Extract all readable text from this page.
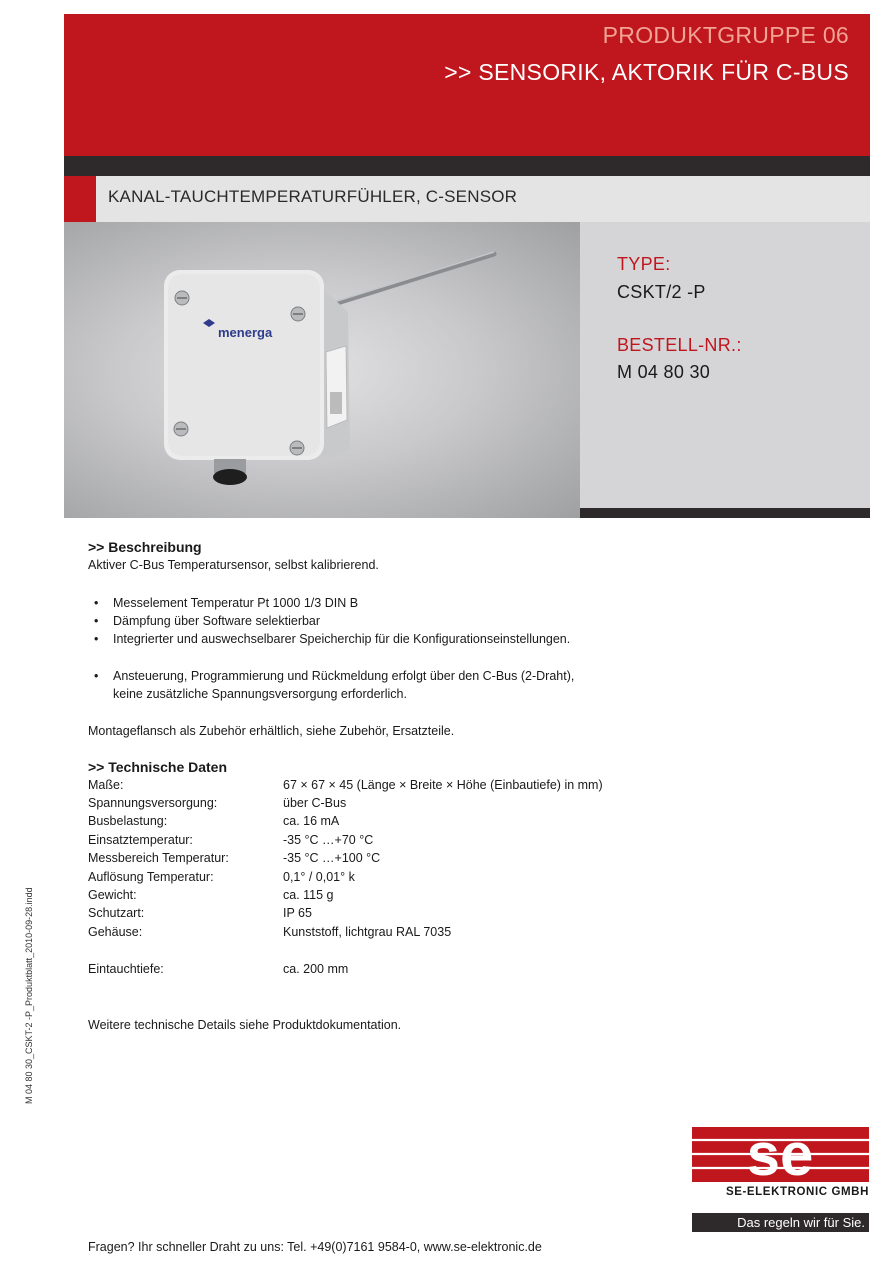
PRODUKTGRUPPE 06
>> SENSORIK, AKTORIK FÜR C-BUS
KANAL-TAUCHTEMPERATURFÜHLER, C-SENSOR
menerga
TYPE:
CSKT/2 -P
BESTELL-NR.:
M 04 80 30
>> Beschreibung
Aktiver C-Bus Temperatursensor, selbst kalibrierend.
• Messelement Temperatur Pt 1000 1/3 DIN B
• Dämpfung über Software selektierbar
• Integrierter und auswechselbarer Speicherchip für die Konfigurationseinstellungen.
• Ansteuerung, Programmierung und Rückmeldung erfolgt über den C-Bus (2-Draht),
keine zusätzliche Spannungsversorgung erforderlich.
Montageflansch als Zubehör erhältlich, siehe Zubehör, Ersatzteile.
>> Technische Daten
Maße:	67 × 67 × 45 (Länge × Breite × Höhe (Einbautiefe) in mm)
Spannungsversorgung:	über C-Bus
Busbelastung:	ca. 16 mA
Einsatztemperatur:	-35 °C …+70 °C
Messbereich Temperatur:	-35 °C …+100 °C
Auflösung Temperatur:	0,1° / 0,01° k
Gewicht:	ca. 115 g
Schutzart:	IP 65
Gehäuse:	Kunststoff, lichtgrau RAL 7035
Eintauchtiefe:	ca. 200 mm
Weitere technische Details siehe Produktdokumentation.
M 04 80 30_CSKT-2 -P_Produktblatt_2010-09-28.indd
se
SE-ELEKTRONIC GMBH
Das regeln wir für Sie.
Fragen? Ihr schneller Draht zu uns: Tel. +49(0)7161 9584-0, www.se-elektronic.de
